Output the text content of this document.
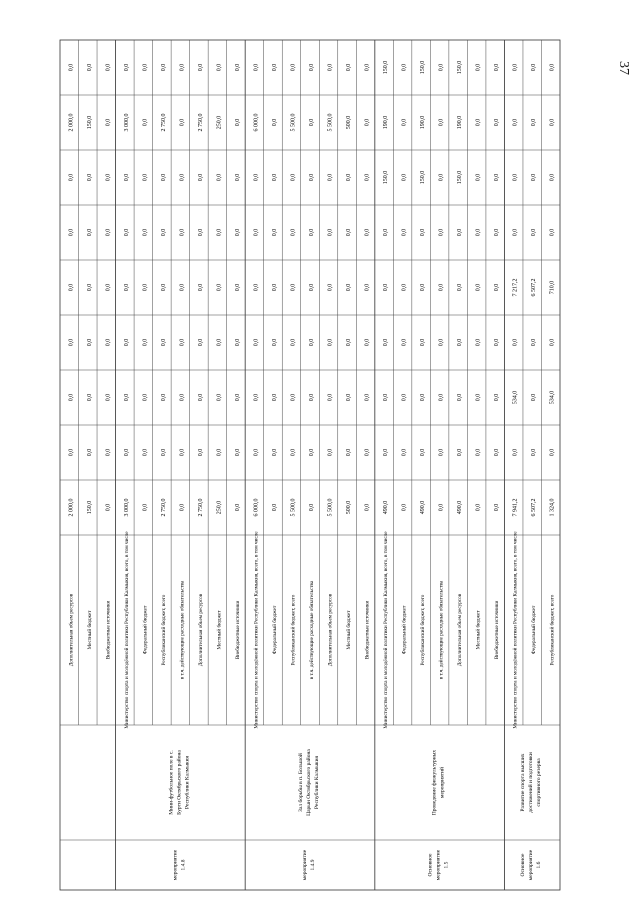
Дополнительная объем ресурсов
2 000,0
0,0
0,0
0,0
0,0
0,0
0,0
2 000,0
0,0
Местный бюджет
150,0
0,0
0,0
0,0
0,0
0,0
0,0
150,0
0,0
Внебюджетные источники
0,0
0,0
0,0
0,0
0,0
0,0
0,0
0,0
0,0
Министерство спорта и молодёжной политики Республики Калмыкия, всего, в том числе
3 000,0
0,0
0,0
0,0
0,0
0,0
0,0
3 000,0
0,0
Федеральный бюджет
0,0
0,0
0,0
0,0
0,0
0,0
0,0
0,0
0,0
Республиканский бюджет, всего
2 750,0
0,0
0,0
0,0
0,0
0,0
0,0
2 750,0
0,0
в т.ч. действующие расходные обязательства
0,0
0,0
0,0
0,0
0,0
0,0
0,0
0,0
0,0
Дополнительная объем ресурсов
2 750,0
0,0
0,0
0,0
0,0
0,0
0,0
2 750,0
0,0
Местный бюджет
250,0
0,0
0,0
0,0
0,0
0,0
0,0
250,0
0,0
Внебюджетные источники
0,0
0,0
0,0
0,0
0,0
0,0
0,0
0,0
0,0
Министерство спорта и молодёжной политики Республики Калмыкия, всего, в том числе
6 000,0
0,0
0,0
0,0
0,0
0,0
0,0
6 000,0
0,0
Федеральный бюджет
0,0
0,0
0,0
0,0
0,0
0,0
0,0
0,0
0,0
Республиканский бюджет, всего
5 500,0
0,0
0,0
0,0
0,0
0,0
0,0
5 500,0
0,0
в т.ч. действующие расходные обязательства
0,0
0,0
0,0
0,0
0,0
0,0
0,0
0,0
0,0
Дополнительная объем ресурсов
5 500,0
0,0
0,0
0,0
0,0
0,0
0,0
5 500,0
0,0
Местный бюджет
500,0
0,0
0,0
0,0
0,0
0,0
0,0
500,0
0,0
Внебюджетные источники
0,0
0,0
0,0
0,0
0,0
0,0
0,0
0,0
0,0
Министерство спорта и молодёжной политики Республики Калмыкия, всего, в том числе
490,0
0,0
0,0
0,0
0,0
0,0
150,0
190,0
150,0
Федеральный бюджет
0,0
0,0
0,0
0,0
0,0
0,0
0,0
0,0
0,0
Республиканский бюджет, всего
490,0
0,0
0,0
0,0
0,0
0,0
150,0
190,0
150,0
в т.ч. действующие расходные обязательства
0,0
0,0
0,0
0,0
0,0
0,0
0,0
0,0
0,0
Дополнительная объем ресурсов
490,0
0,0
0,0
0,0
0,0
0,0
150,0
190,0
150,0
Местный бюджет
0,0
0,0
0,0
0,0
0,0
0,0
0,0
0,0
0,0
Внебюджетные источники
0,0
0,0
0,0
0,0
0,0
0,0
0,0
0,0
0,0
Министерство спорта и молодёжной политики Республики Калмыкия, всего, в том числе
7 941,2
0,0
534,0
0,0
7 217,2
0,0
0,0
0,0
0,0
Федеральный бюджет
6 507,2
0,0
0,0
0,0
6 507,2
0,0
0,0
0,0
0,0
Республиканский бюджет, всего
1 324,0
0,0
534,0
0,0
710,0
0,0
0,0
0,0
0,0
мероприятие 1.4.8
Мини-футбольное поле в с. Бурти Октябрьского района Республики Калмыкия
мероприятие 1.4.9
Зал борьбы в п. Большой Царын Октябрьского района Республики Калмыкия
Основное мероприятие 1.5
Проведение физкультурных мероприятий
Основное мероприятие 1.6
Развитие спорта высших достижений и подготовки спортивного резерва
37
